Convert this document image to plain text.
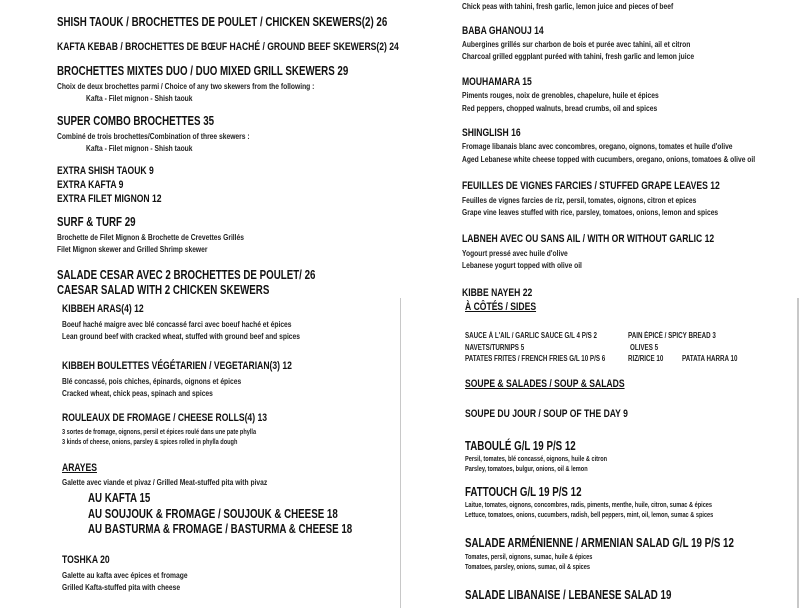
SHISH TAOUK / BROCHETTES DE POULET / CHICKEN SKEWERS(2) 26
KAFTA KEBAB / BROCHETTES DE BŒUF HACHÉ / GROUND BEEF SKEWERS(2) 24
BROCHETTES MIXTES DUO / DUO MIXED GRILL SKEWERS 29
Choix de deux brochettes parmi / Choice of any two skewers from the following :
Kafta - Filet mignon - Shish taouk
SUPER COMBO BROCHETTES 35
Combiné de trois brochettes/Combination of three skewers :
Kafta - Filet mignon - Shish taouk
EXTRA SHISH TAOUK 9
EXTRA KAFTA 9
EXTRA FILET MIGNON 12
SURF & TURF 29
Brochette de Filet Mignon & Brochette de Crevettes Grillés
Filet Mignon skewer and Grilled Shrimp skewer
SALADE CESAR AVEC 2 BROCHETTES DE POULET/ 26
CAESAR SALAD WITH 2 CHICKEN SKEWERS
KIBBEH ARAS(4) 12
Boeuf haché maigre avec blé concassé farci avec boeuf haché et épices
Lean ground beef with cracked wheat, stuffed with ground beef and spices
KIBBEH BOULETTES VÉGÉTARIEN / VEGETARIAN(3) 12
Blé concassé, pois chiches, épinards, oignons et épices
Cracked wheat, chick peas, spinach and spices
ROULEAUX DE FROMAGE / CHEESE ROLLS(4) 13
3 sortes de fromage, oignons, persil et épices roulé dans une pate phylla
3 kinds of cheese, onions, parsley & spices rolled in phylla dough
ARAYES
Galette avec viande et pivaz / Grilled Meat-stuffed pita with pivaz
AU KAFTA 15
AU SOUJOUK & FROMAGE / SOUJOUK & CHEESE 18
AU BASTURMA & FROMAGE / BASTURMA & CHEESE 18
TOSHKA 20
Galette au kafta avec épices et fromage
Grilled Kafta-stuffed pita with cheese
Chick peas with tahini, fresh garlic, lemon juice and pieces of beef
BABA GHANOUJ 14
Aubergines grillés sur charbon de bois et purée avec tahini, ail et citron
Charcoal grilled eggplant puréed with tahini, fresh garlic and lemon juice
MOUHAMARA 15
Piments rouges, noix de grenobles, chapelure, huile et épices
Red peppers, chopped walnuts, bread crumbs, oil and spices
SHINGLISH 16
Fromage libanais blanc avec concombres, oregano, oignons, tomates et huile d'olive
Aged Lebanese white cheese topped with cucumbers, oregano, onions, tomatoes & olive oil
FEUILLES DE VIGNES FARCIES / STUFFED GRAPE LEAVES 12
Feuilles de vignes farcies de riz, persil, tomates, oignons, citron et epices
Grape vine leaves stuffed with rice, parsley, tomatoes, onions, lemon and spices
LABNEH AVEC OU SANS AIL / WITH OR WITHOUT GARLIC 12
Yogourt pressé avec huile d'olive
Lebanese yogurt topped with olive oil
KIBBE NAYEH 22
À CÔTÉS / SIDES
SAUCE À L'AIL / GARLIC SAUCE G/L 4 P/S 2	PAIN ÉPICÉ / SPICY BREAD 3
NAVETS/TURNIPS 5	OLIVES 5
PATATES FRITES / FRENCH FRIES G/L 10 P/S 6	RIZ/RICE 10 PATATA HARRA 10
SOUPE & SALADES / SOUP & SALADS
SOUPE DU JOUR / SOUP OF THE DAY 9
TABOULÉ G/L 19 P/S 12
Persil, tomates, blé concassé, oignons, huile & citron
Parsley, tomatoes, bulgur, onions, oil & lemon
FATTOUCH G/L 19 P/S 12
Laitue, tomates, oignons, concombres, radis, piments, menthe, huile, citron, sumac & épices
Lettuce, tomatoes, onions, cucumbers, radish, bell peppers, mint, oil, lemon, sumac & spices
SALADE ARMÉNIENNE / ARMENIAN SALAD G/L 19 P/S 12
Tomates, persil, oignons, sumac, huile & épices
Tomatoes, parsley, onions, sumac, oil & spices
SALADE LIBANAISE / LEBANESE SALAD 19
